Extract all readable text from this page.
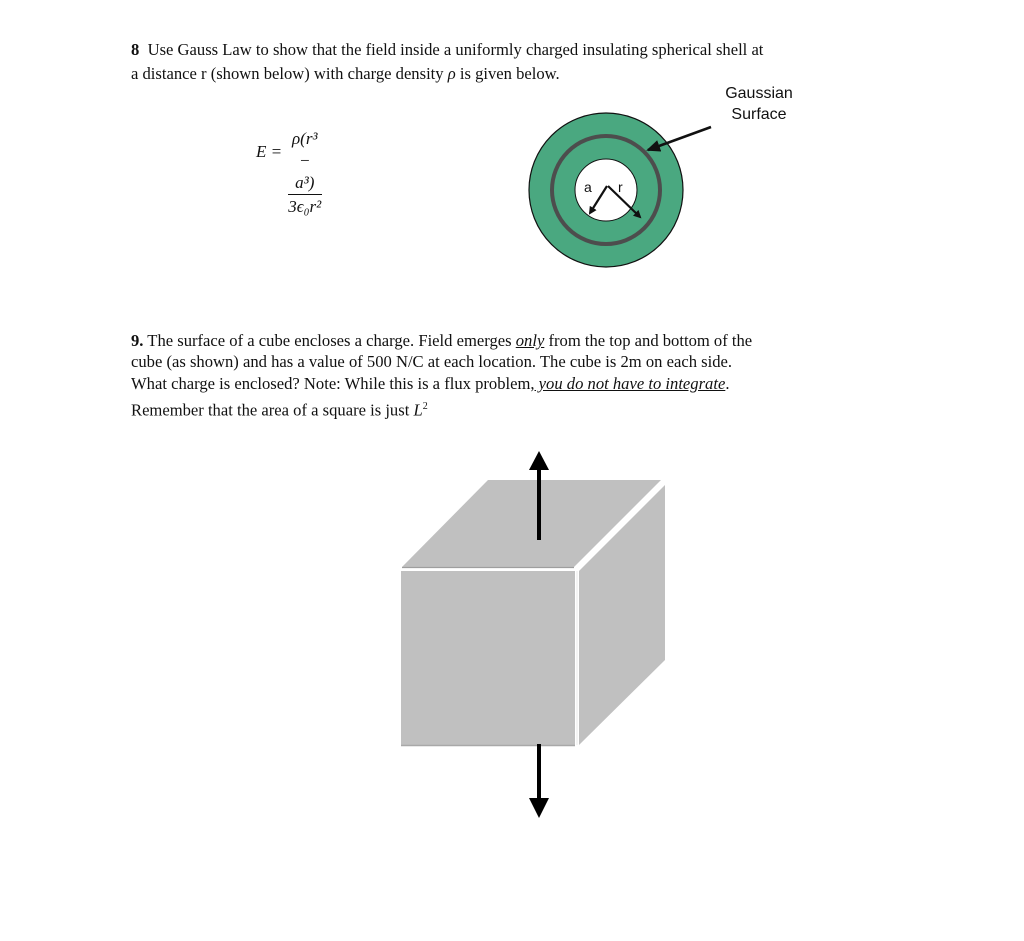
8 Use Gauss Law to show that the field inside a uniformly charged insulating spherical shell at
a distance r (shown below) with charge density ρ is given below.
$E = \frac{\text{ρ(r³ − a³)}}{\text{3ϵ₀r²}}$
Gaussian
Surface
a r
9. The surface of a cube encloses a charge. Field emerges only from the top and bottom of the
cube (as shown) and has a value of 500 N/C at each location. The cube is 2m on each side.
What charge is enclosed? Note: While this is a flux problem, you do not have to integrate.
Remember that the area of a square is just $L^2$
